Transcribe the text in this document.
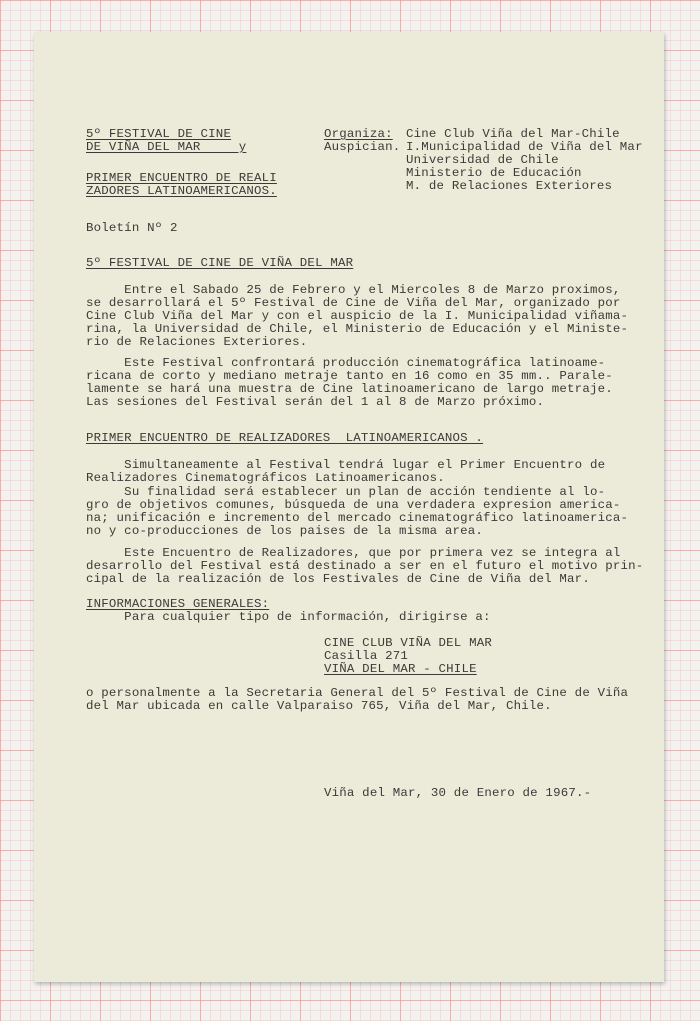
5º FESTIVAL DE CINE
DE VIÑA DEL MAR     y
PRIMER ENCUENTRO DE REALI
ZADORES LATINOAMERICANOS.
Organiza:
Auspician.
Cine Club Viña del Mar-Chile
I.Municipalidad de Viña del Mar
Universidad de Chile
Ministerio de Educación
M. de Relaciones Exteriores
Boletín Nº 2
5º FESTIVAL DE CINE DE VIÑA DEL MAR
Entre el Sabado 25 de Febrero y el Miercoles 8 de Marzo proximos,
se desarrollará el 5º Festival de Cine de Viña del Mar, organizado por
Cine Club Viña del Mar y con el auspicio de la I. Municipalidad viñama-
rina, la Universidad de Chile, el Ministerio de Educación y el Ministe-
rio de Relaciones Exteriores.
Este Festival confrontará producción cinematográfica latinoame-
ricana de corto y mediano metraje tanto en 16 como en 35 mm.. Parale-
lamente se hará una muestra de Cine latinoamericano de largo metraje.
Las sesiones del Festival serán del 1 al 8 de Marzo próximo.
PRIMER ENCUENTRO DE REALIZADORES  LATINOAMERICANOS .
Simultaneamente al Festival tendrá lugar el Primer Encuentro de
Realizadores Cinematográficos Latinoamericanos.
Su finalidad será establecer un plan de acción tendiente al lo-
gro de objetivos comunes, búsqueda de una verdadera expresion america-
na; unificación e incremento del mercado cinematográfico latinoamerica-
no y co-producciones de los paises de la misma area.
Este Encuentro de Realizadores, que por primera vez se integra al
desarrollo del Festival está destinado a ser en el futuro el motivo prin-
cipal de la realización de los Festivales de Cine de Viña del Mar.
INFORMACIONES GENERALES:
Para cualquier tipo de información, dirigirse a:
CINE CLUB VIÑA DEL MAR
Casilla 271
VIÑA DEL MAR - CHILE
o personalmente a la Secretaria General del 5º Festival de Cine de Viña
del Mar ubicada en calle Valparaiso 765, Viña del Mar, Chile.
Viña del Mar, 30 de Enero de 1967.-
